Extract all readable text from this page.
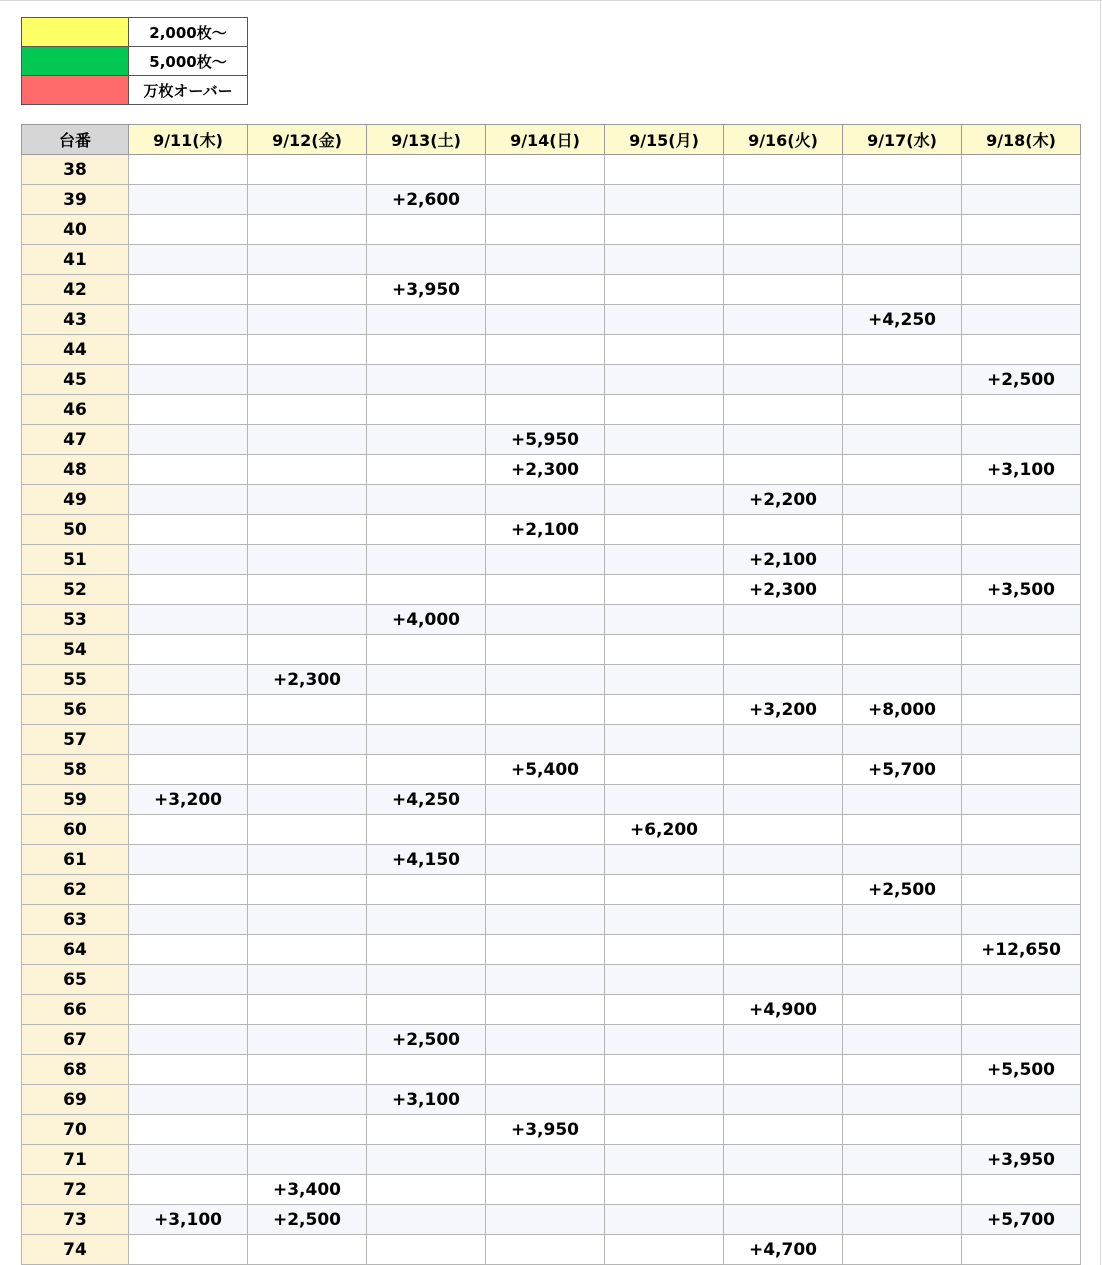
	2,000枚～
	5,000枚～
	万枚オーバー
台番	9/11(木)	9/12(金)	9/13(土)	9/14(日)	9/15(月)	9/16(火)	9/17(水)	9/18(木)
38								
39			+2,600					
40								
41								
42			+3,950					
43							+4,250	
44								
45								+2,500
46								
47				+5,950				
48				+2,300				+3,100
49						+2,200		
50				+2,100				
51						+2,100		
52						+2,300		+3,500
53			+4,000					
54								
55		+2,300						
56						+3,200	+8,000	
57								
58				+5,400			+5,700	
59	+3,200		+4,250					
60					+6,200			
61			+4,150					
62							+2,500	
63								
64								+12,650
65								
66						+4,900		
67			+2,500					
68								+5,500
69			+3,100					
70				+3,950				
71								+3,950
72		+3,400						
73	+3,100	+2,500						+5,700
74						+4,700		
